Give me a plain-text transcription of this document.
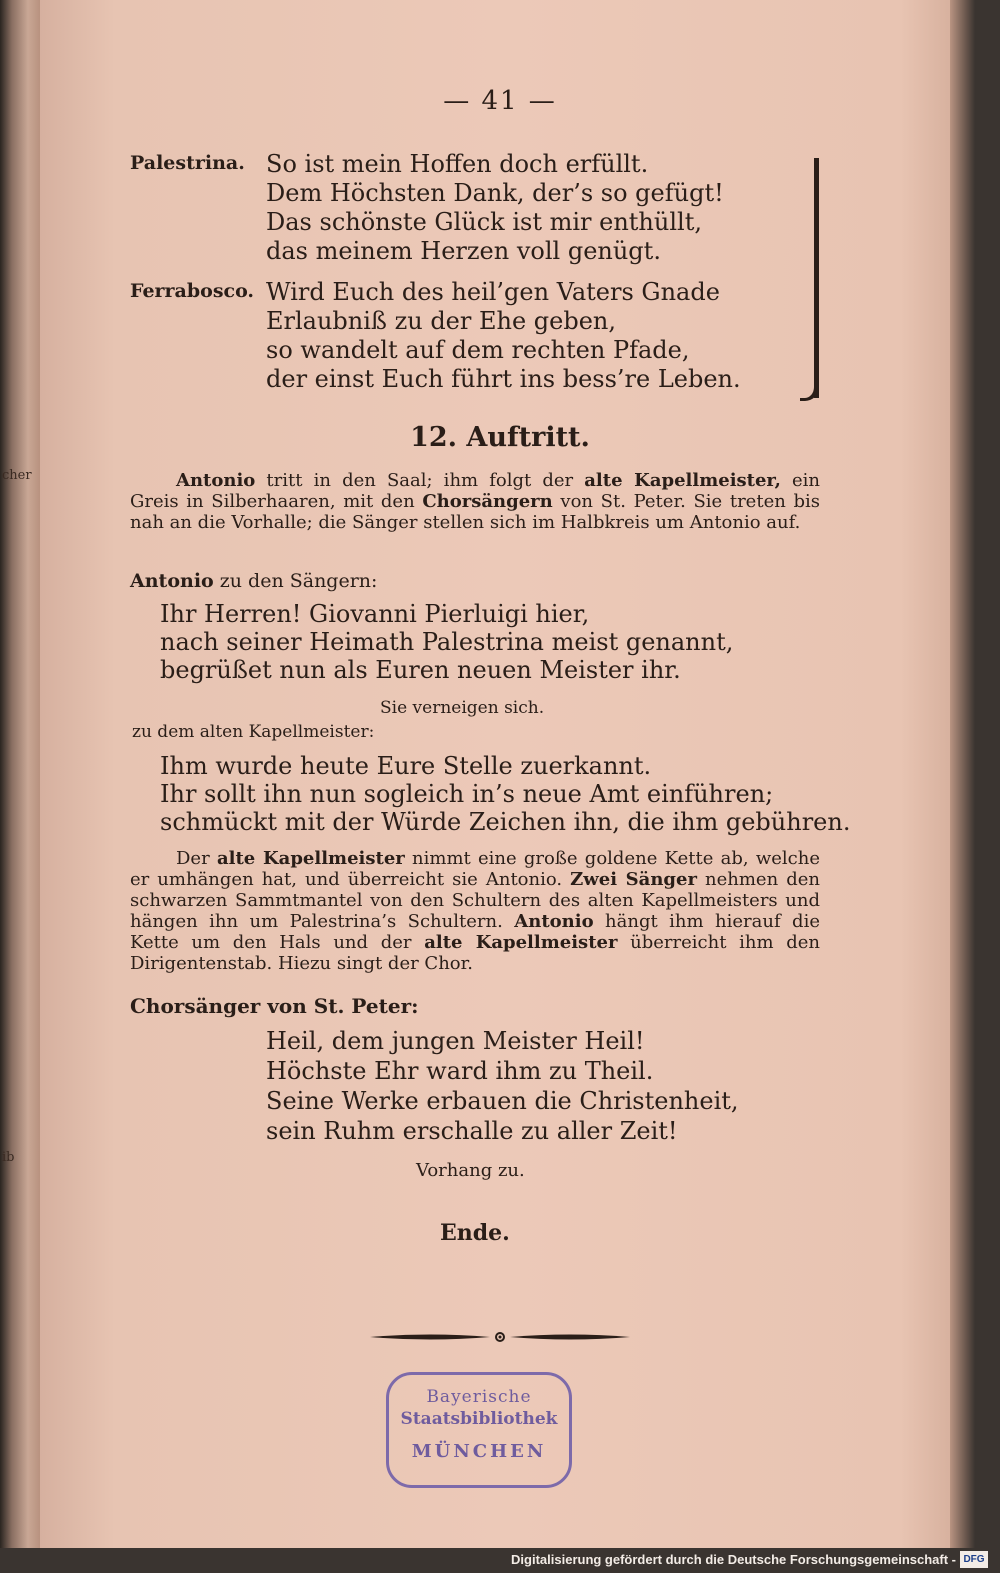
cher
ib
— 41 —
Palestrina. So ist mein Hoffen doch erfüllt.
Dem Höchsten Dank, der’s so gefügt!
Das schönste Glück ist mir enthüllt,
das meinem Herzen voll genügt.
Ferrabosco. Wird Euch des heil’gen Vaters Gnade
Erlaubniß zu der Ehe geben,
so wandelt auf dem rechten Pfade,
der einst Euch führt ins bess’re Leben.
12. Auftritt.
Antonio tritt in den Saal; ihm folgt der alte Kapellmeister, ein Greis in Silberhaaren, mit den Chorsängern von St. Peter. Sie treten bis nah an die Vorhalle; die Sänger stellen sich im Halbkreis um Antonio auf.
Antonio zu den Sängern:
Ihr Herren! Giovanni Pierluigi hier,
nach seiner Heimath Palestrina meist genannt,
begrüßet nun als Euren neuen Meister ihr.
Sie verneigen sich.
zu dem alten Kapellmeister:
Ihm wurde heute Eure Stelle zuerkannt.
Ihr sollt ihn nun sogleich in’s neue Amt einführen;
schmückt mit der Würde Zeichen ihn, die ihm gebühren.
Der alte Kapellmeister nimmt eine große goldene Kette ab, welche er umhängen hat, und überreicht sie Antonio. Zwei Sänger nehmen den schwarzen Sammtmantel von den Schultern des alten Kapellmeisters und hängen ihn um Palestrina’s Schultern. Antonio hängt ihm hierauf die Kette um den Hals und der alte Kapellmeister überreicht ihm den Dirigentenstab. Hiezu singt der Chor.
Chorsänger von St. Peter:
Heil, dem jungen Meister Heil!
Höchste Ehr ward ihm zu Theil.
Seine Werke erbauen die Christenheit,
sein Ruhm erschalle zu aller Zeit!
Vorhang zu.
Ende.
Bayerische
Staatsbibliothek
MÜNCHEN
Digitalisierung gefördert durch die Deutsche Forschungsgemeinschaft - DFG
